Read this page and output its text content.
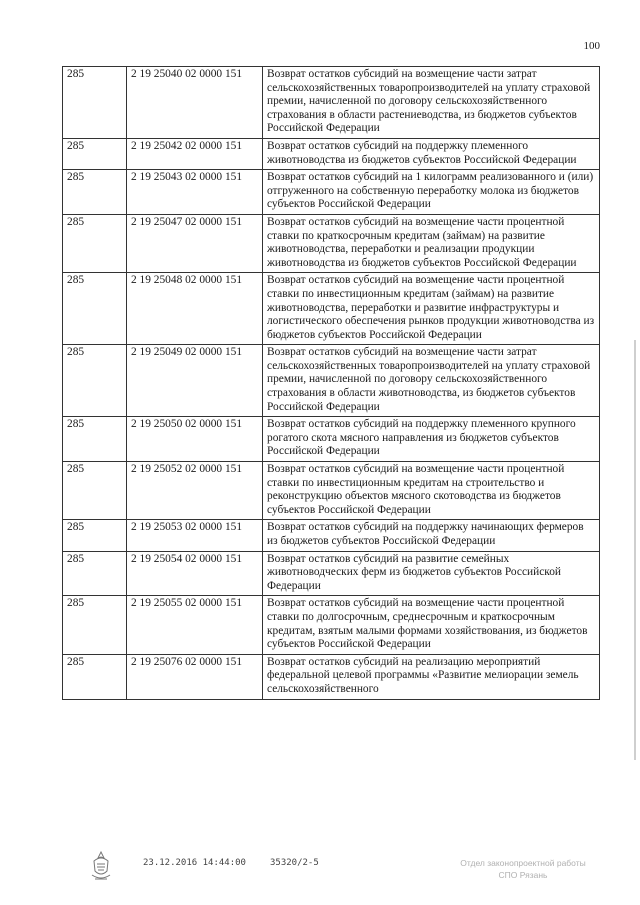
100
285	2 19 25040 02 0000 151	Возврат остатков субсидий на возмещение части затрат сельскохозяйственных товаропроизводителей на уплату страховой премии, начисленной по договору сельскохозяйственного страхования в области растениеводства, из бюджетов субъектов Российской Федерации
285	2 19 25042 02 0000 151	Возврат остатков субсидий на поддержку племенного животноводства из бюджетов субъектов Российской Федерации
285	2 19 25043 02 0000 151	Возврат остатков субсидий на 1 килограмм реализованного и (или) отгруженного на собственную переработку молока из бюджетов субъектов Российской Федерации
285	2 19 25047 02 0000 151	Возврат остатков субсидий на возмещение части процентной ставки по краткосрочным кредитам (займам) на развитие животноводства, переработки и реализации продукции животноводства из бюджетов субъектов Российской Федерации
285	2 19 25048 02 0000 151	Возврат остатков субсидий на возмещение части процентной ставки по инвестиционным кредитам (займам) на развитие животноводства, переработки и развитие инфраструктуры и логистического обеспечения рынков продукции животноводства из бюджетов субъектов Российской Федерации
285	2 19 25049 02 0000 151	Возврат остатков субсидий на возмещение части затрат сельскохозяйственных товаропроизводителей на уплату страховой премии, начисленной по договору сельскохозяйственного страхования в области животноводства, из бюджетов субъектов Российской Федерации
285	2 19 25050 02 0000 151	Возврат остатков субсидий на поддержку племенного крупного рогатого скота мясного направления из бюджетов субъектов Российской Федерации
285	2 19 25052 02 0000 151	Возврат остатков субсидий на возмещение части процентной ставки по инвестиционным кредитам на строительство и реконструкцию объектов мясного скотоводства из бюджетов субъектов Российской Федерации
285	2 19 25053 02 0000 151	Возврат остатков субсидий на поддержку начинающих фермеров из бюджетов субъектов Российской Федерации
285	2 19 25054 02 0000 151	Возврат остатков субсидий на развитие семейных животноводческих ферм из бюджетов субъектов Российской Федерации
285	2 19 25055 02 0000 151	Возврат остатков субсидий на возмещение части процентной ставки по долгосрочным, среднесрочным и краткосрочным кредитам, взятым малыми формами хозяйствования, из бюджетов субъектов Российской Федерации
285	2 19 25076 02 0000 151	Возврат остатков субсидий на реализацию мероприятий федеральной целевой программы «Развитие мелиорации земель сельскохозяйственного
23.12.2016 14:44:00	35320/2-5	Отдел законопроектной работы
СПО Рязань
